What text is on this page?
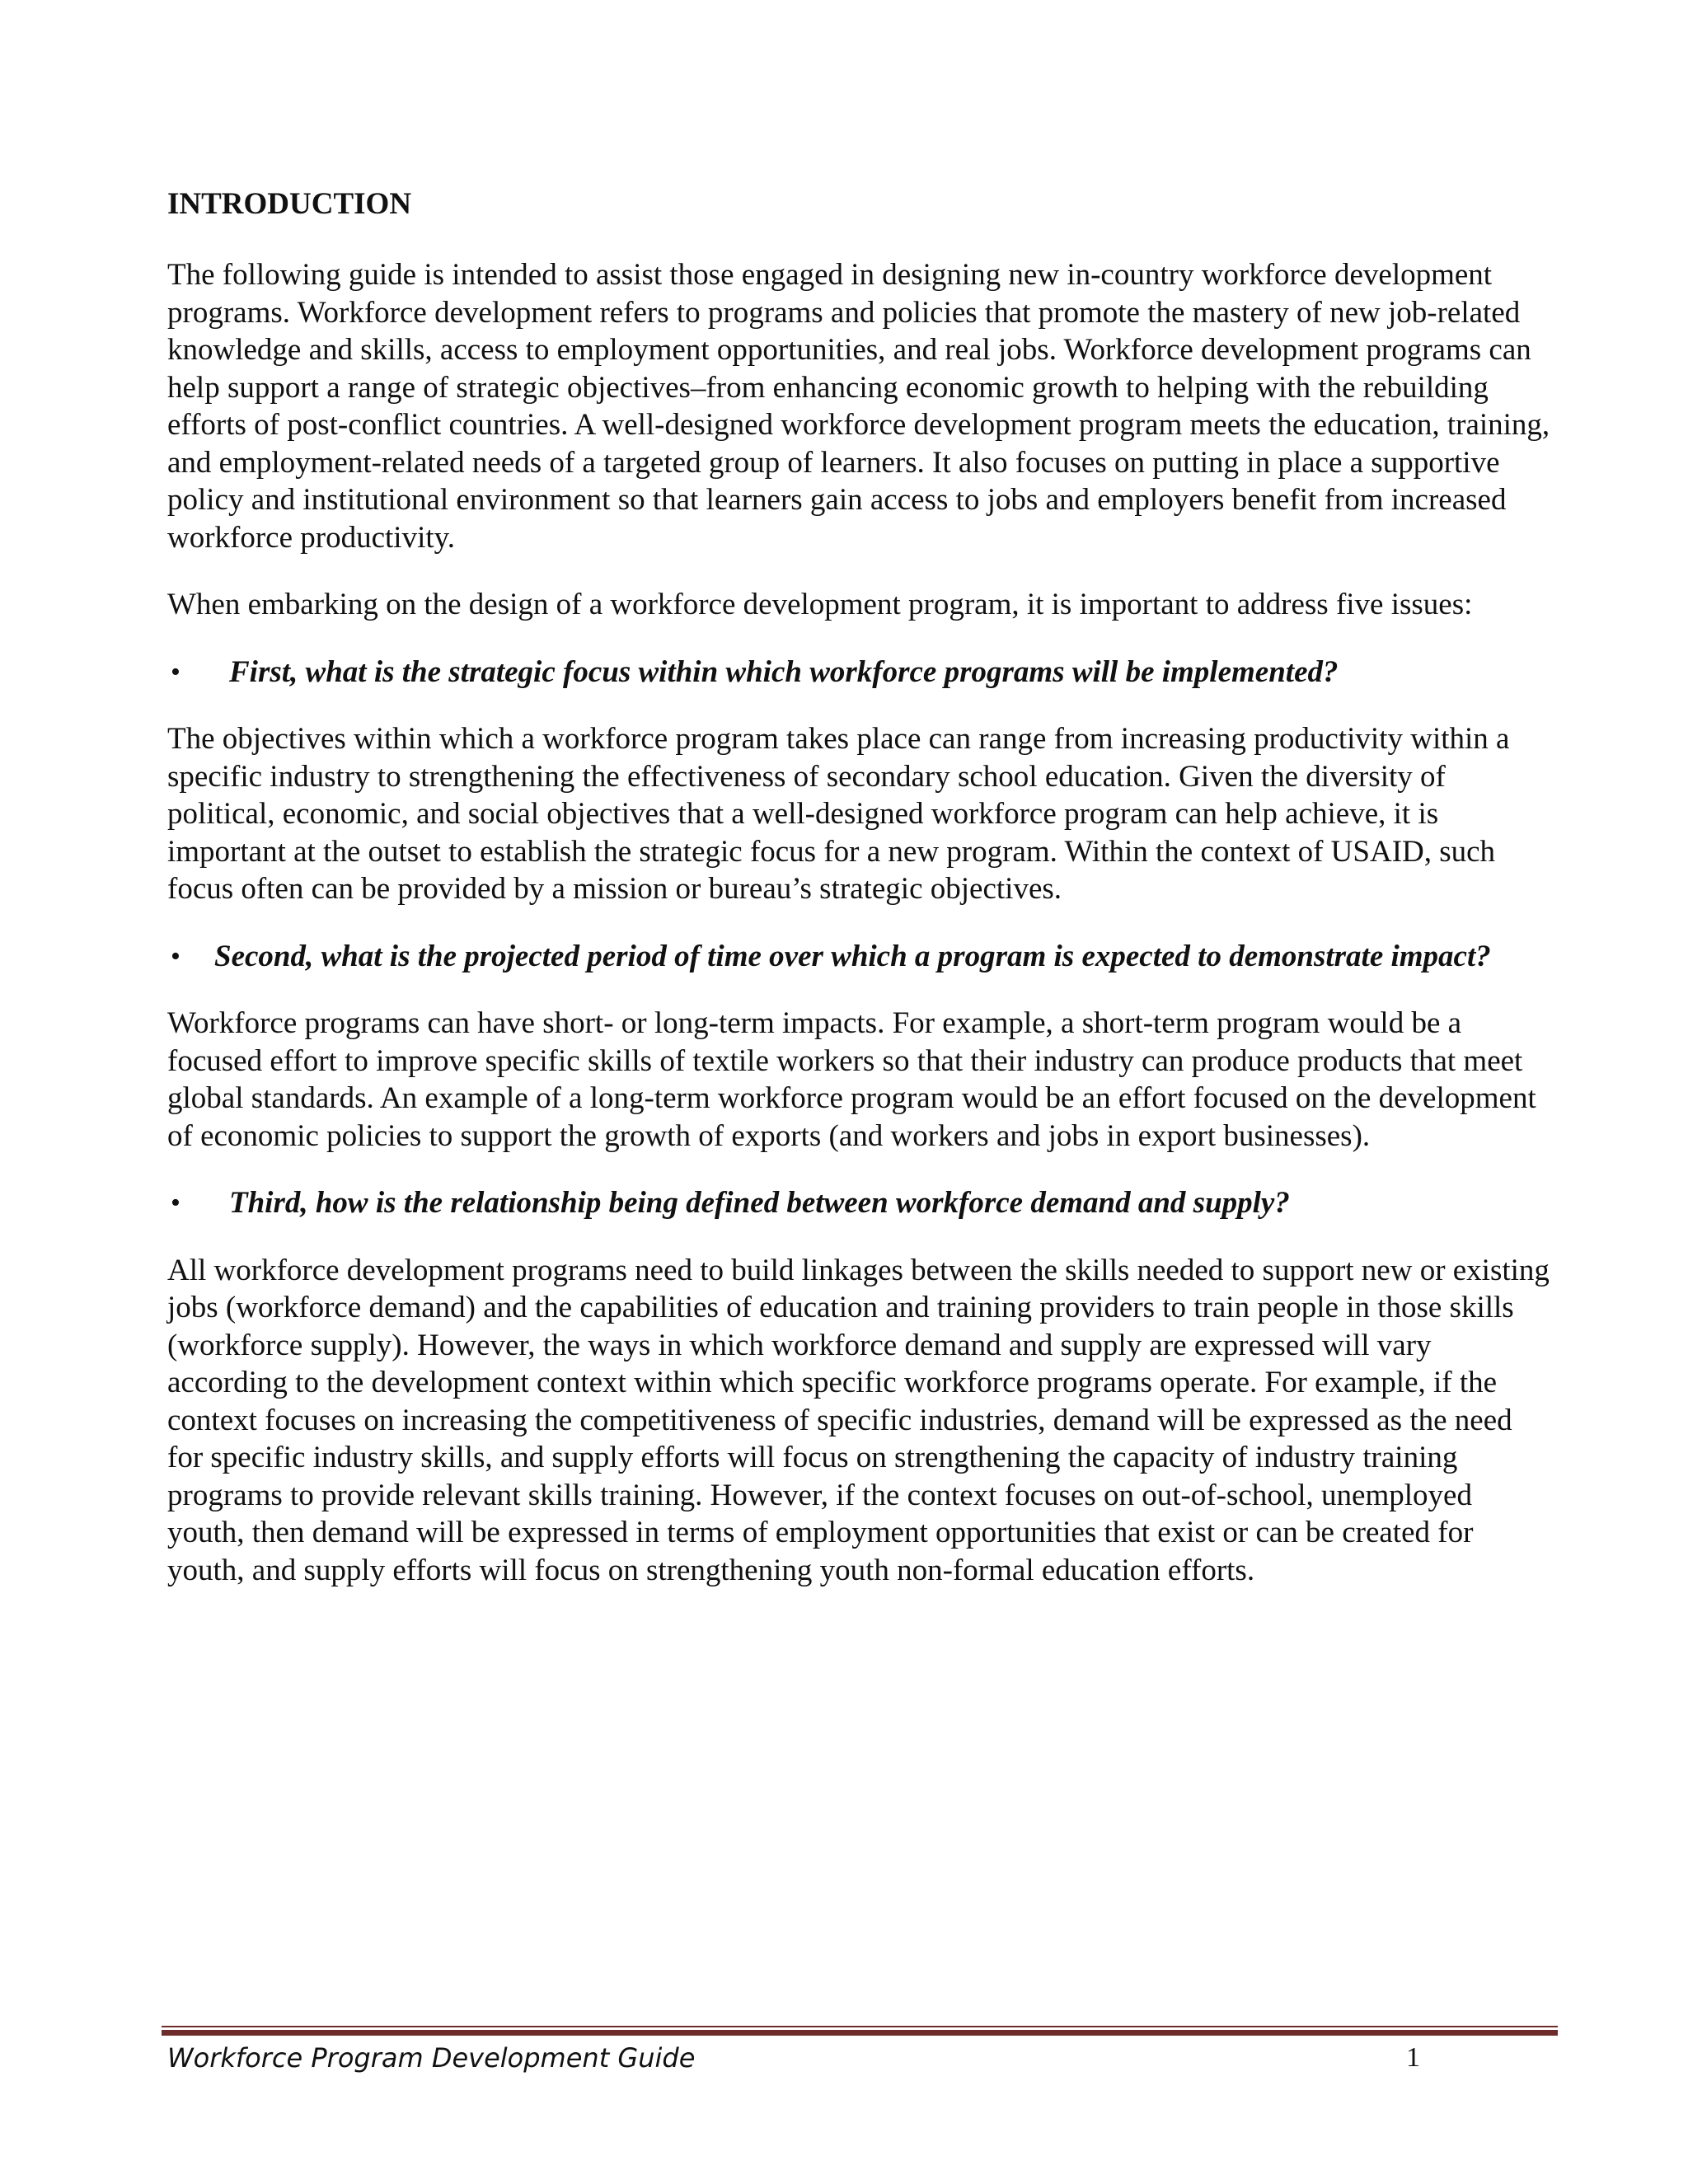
INTRODUCTION

The following guide is intended to assist those engaged in designing new in-country workforce development programs. Workforce development refers to programs and policies that promote the mastery of new job-related knowledge and skills, access to employment opportunities, and real jobs. Workforce development programs can help support a range of strategic objectives–from enhancing economic growth to helping with the rebuilding efforts of post-conflict countries. A well-designed workforce development program meets the education, training, and employment-related needs of a targeted group of learners. It also focuses on putting in place a supportive policy and institutional environment so that learners gain access to jobs and employers benefit from increased workforce productivity.

When embarking on the design of a workforce development program, it is important to address five issues:

•	First, what is the strategic focus within which workforce programs will be implemented?

The objectives within which a workforce program takes place can range from increasing productivity within a specific industry to strengthening the effectiveness of secondary school education. Given the diversity of political, economic, and social objectives that a well-designed workforce program can help achieve, it is important at the outset to establish the strategic focus for a new program. Within the context of USAID, such focus often can be provided by a mission or bureau’s strategic objectives.

•	Second, what is the projected period of time over which a program is expected to demonstrate impact?

Workforce programs can have short- or long-term impacts. For example, a short-term program would be a focused effort to improve specific skills of textile workers so that their industry can produce products that meet global standards. An example of a long-term workforce program would be an effort focused on the development of economic policies to support the growth of exports (and workers and jobs in export businesses).

•	Third, how is the relationship being defined between workforce demand and supply?

All workforce development programs need to build linkages between the skills needed to support new or existing jobs (workforce demand) and the capabilities of education and training providers to train people in those skills (workforce supply). However, the ways in which workforce demand and supply are expressed will vary according to the development context within which specific workforce programs operate. For example, if the context focuses on increasing the competitiveness of specific industries, demand will be expressed as the need for specific industry skills, and supply efforts will focus on strengthening the capacity of industry training programs to provide relevant skills training. However, if the context focuses on out-of-school, unemployed youth, then demand will be expressed in terms of employment opportunities that exist or can be created for youth, and supply efforts will focus on strengthening youth non-formal education efforts.

Workforce Program Development Guide	1
